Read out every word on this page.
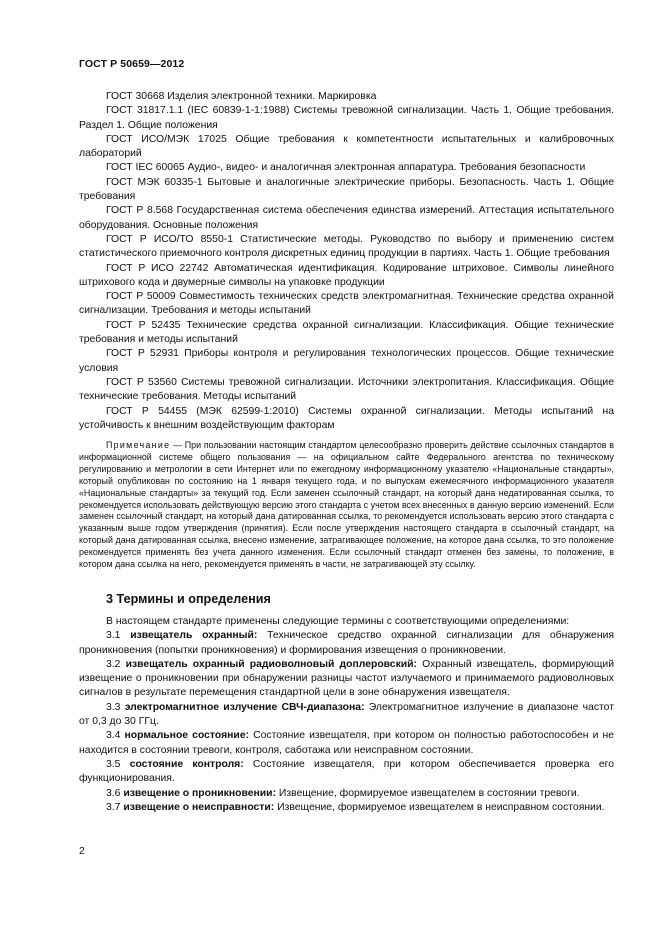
ГОСТ Р 50659—2012

ГОСТ 30668 Изделия электронной техники. Маркировка

ГОСТ 31817.1.1 (IEC 60839-1-1:1988) Системы тревожной сигнализации. Часть 1. Общие требования. Раздел 1. Общие положения

ГОСТ ИСО/МЭК 17025 Общие требования к компетентности испытательных и калибровочных лабораторий

ГОСТ IEC 60065 Аудио-, видео- и аналогичная электронная аппаратура. Требования безопасности

ГОСТ МЭК 60335-1 Бытовые и аналогичные электрические приборы. Безопасность. Часть 1. Общие требования

ГОСТ Р 8.568 Государственная система обеспечения единства измерений. Аттестация испытательного оборудования. Основные положения

ГОСТ Р ИСО/ТО 8550-1 Статистические методы. Руководство по выбору и применению систем статистического приемочного контроля дискретных единиц продукции в партиях. Часть 1. Общие требования

ГОСТ Р ИСО 22742 Автоматическая идентификация. Кодирование штриховое. Символы линейного штрихового кода и двумерные символы на упаковке продукции

ГОСТ Р 50009 Совместимость технических средств электромагнитная. Технические средства охранной сигнализации. Требования и методы испытаний

ГОСТ Р 52435 Технические средства охранной сигнализации. Классификация. Общие технические требования и методы испытаний

ГОСТ Р 52931 Приборы контроля и регулирования технологических процессов. Общие технические условия

ГОСТ Р 53560 Системы тревожной сигнализации. Источники электропитания. Классификация. Общие технические требования. Методы испытаний

ГОСТ Р 54455 (МЭК 62599-1:2010) Системы охранной сигнализации. Методы испытаний на устойчивость к внешним воздействующим факторам

Примечание — При пользовании настоящим стандартом целесообразно проверить действие ссылочных стандартов в информационной системе общего пользования — на официальном сайте Федерального агентства по техническому регулированию и метрологии в сети Интернет или по ежегодному информационному указателю «Национальные стандарты», который опубликован по состоянию на 1 января текущего года, и по выпускам ежемесячного информационного указателя «Национальные стандарты» за текущий год. Если заменен ссылочный стандарт, на который дана недатированная ссылка, то рекомендуется использовать действующую версию этого стандарта с учетом всех внесенных в данную версию изменений. Если заменен ссылочный стандарт, на который дана датированная ссылка, то рекомендуется использовать версию этого стандарта с указанным выше годом утверждения (принятия). Если после утверждения настоящего стандарта в ссылочный стандарт, на который дана датированная ссылка, внесено изменение, затрагивающее положение, на которое дана ссылка, то это положение рекомендуется применять без учета данного изменения. Если ссылочный стандарт отменен без замены, то положение, в котором дана ссылка на него, рекомендуется применять в части, не затрагивающей эту ссылку.

3 Термины и определения

В настоящем стандарте применены следующие термины с соответствующими определениями:

3.1 извещатель охранный: Техническое средство охранной сигнализации для обнаружения проникновения (попытки проникновения) и формирования извещения о проникновении.

3.2 извещатель охранный радиоволновый доплеровский: Охранный извещатель, формирующий извещение о проникновении при обнаружении разницы частот излучаемого и принимаемого радиоволновых сигналов в результате перемещения стандартной цели в зоне обнаружения извещателя.

3.3 электромагнитное излучение СВЧ-диапазона: Электромагнитное излучение в диапазоне частот от 0,3 до 30 ГГц.

3.4 нормальное состояние: Состояние извещателя, при котором он полностью работоспособен и не находится в состоянии тревоги, контроля, саботажа или неисправном состоянии.

3.5 состояние контроля: Состояние извещателя, при котором обеспечивается проверка его функционирования.

3.6 извещение о проникновении: Извещение, формируемое извещателем в состоянии тревоги.

3.7 извещение о неисправности: Извещение, формируемое извещателем в неисправном состоянии.

2
